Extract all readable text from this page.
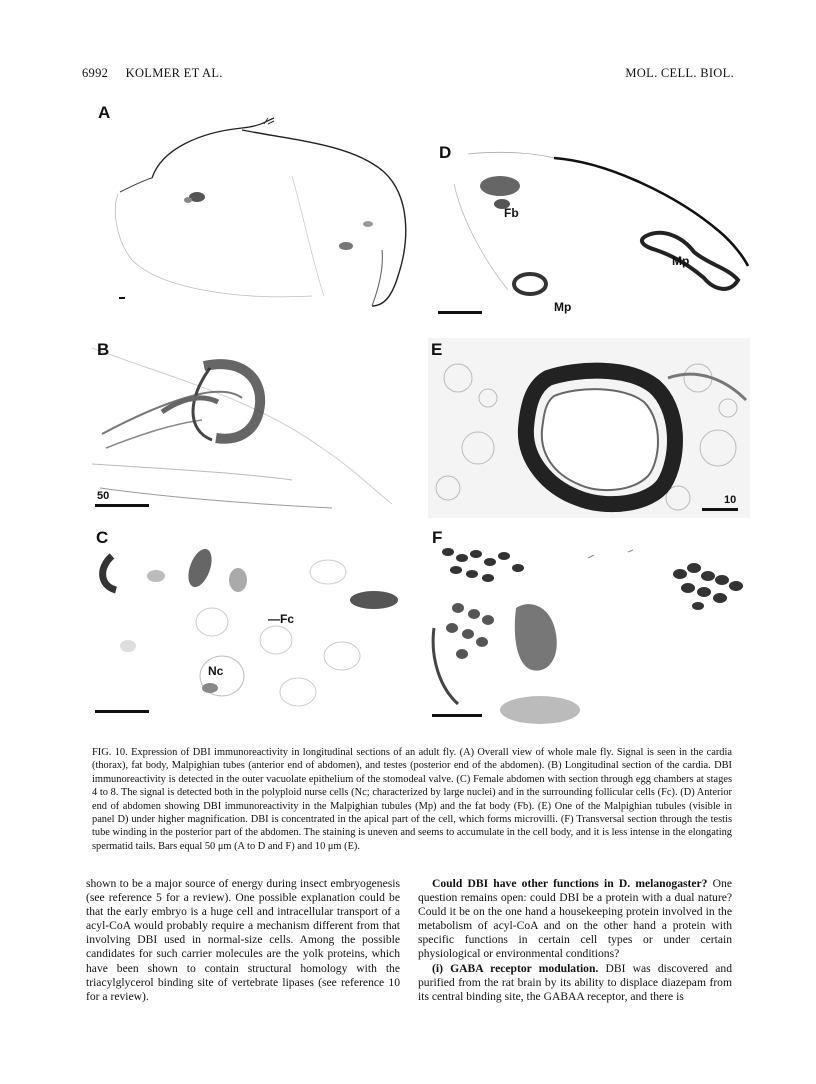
6992 KOLMER ET AL.	MOL. CELL. BIOL.
A
D
Fb
Mp
Mp
B
50
E
10
C
—Fc
Nc
F
FIG. 10. Expression of DBI immunoreactivity in longitudinal sections of an adult fly. (A) Overall view of whole male fly. Signal is seen in the cardia (thorax), fat body, Malpighian tubes (anterior end of abdomen), and testes (posterior end of the abdomen). (B) Longitudinal section of the cardia. DBI immunoreactivity is detected in the outer vacuolate epithelium of the stomodeal valve. (C) Female abdomen with section through egg chambers at stages 4 to 8. The signal is detected both in the polyploid nurse cells (Nc; characterized by large nuclei) and in the surrounding follicular cells (Fc). (D) Anterior end of abdomen showing DBI immunoreactivity in the Malpighian tubules (Mp) and the fat body (Fb). (E) One of the Malpighian tubules (visible in panel D) under higher magnification. DBI is concentrated in the apical part of the cell, which forms microvilli. (F) Transversal section through the testis tube winding in the posterior part of the abdomen. The staining is uneven and seems to accumulate in the cell body, and it is less intense in the elongating spermatid tails. Bars equal 50 μm (A to D and F) and 10 μm (E).

shown to be a major source of energy during insect embryogenesis (see reference 5 for a review). One possible explanation could be that the early embryo is a huge cell and intracellular transport of a acyl-CoA would probably require a mechanism different from that involving DBI used in normal-size cells. Among the possible candidates for such carrier molecules are the yolk proteins, which have been shown to contain structural homology with the triacylglycerol binding site of vertebrate lipases (see reference 10 for a review).

Could DBI have other functions in D. melanogaster? One question remains open: could DBI be a protein with a dual nature? Could it be on the one hand a housekeeping protein involved in the metabolism of acyl-CoA and on the other hand a protein with specific functions in certain cell types or under certain physiological or environmental conditions?

(i) GABA receptor modulation. DBI was discovered and purified from the rat brain by its ability to displace diazepam from its central binding site, the GABAA receptor, and there is
